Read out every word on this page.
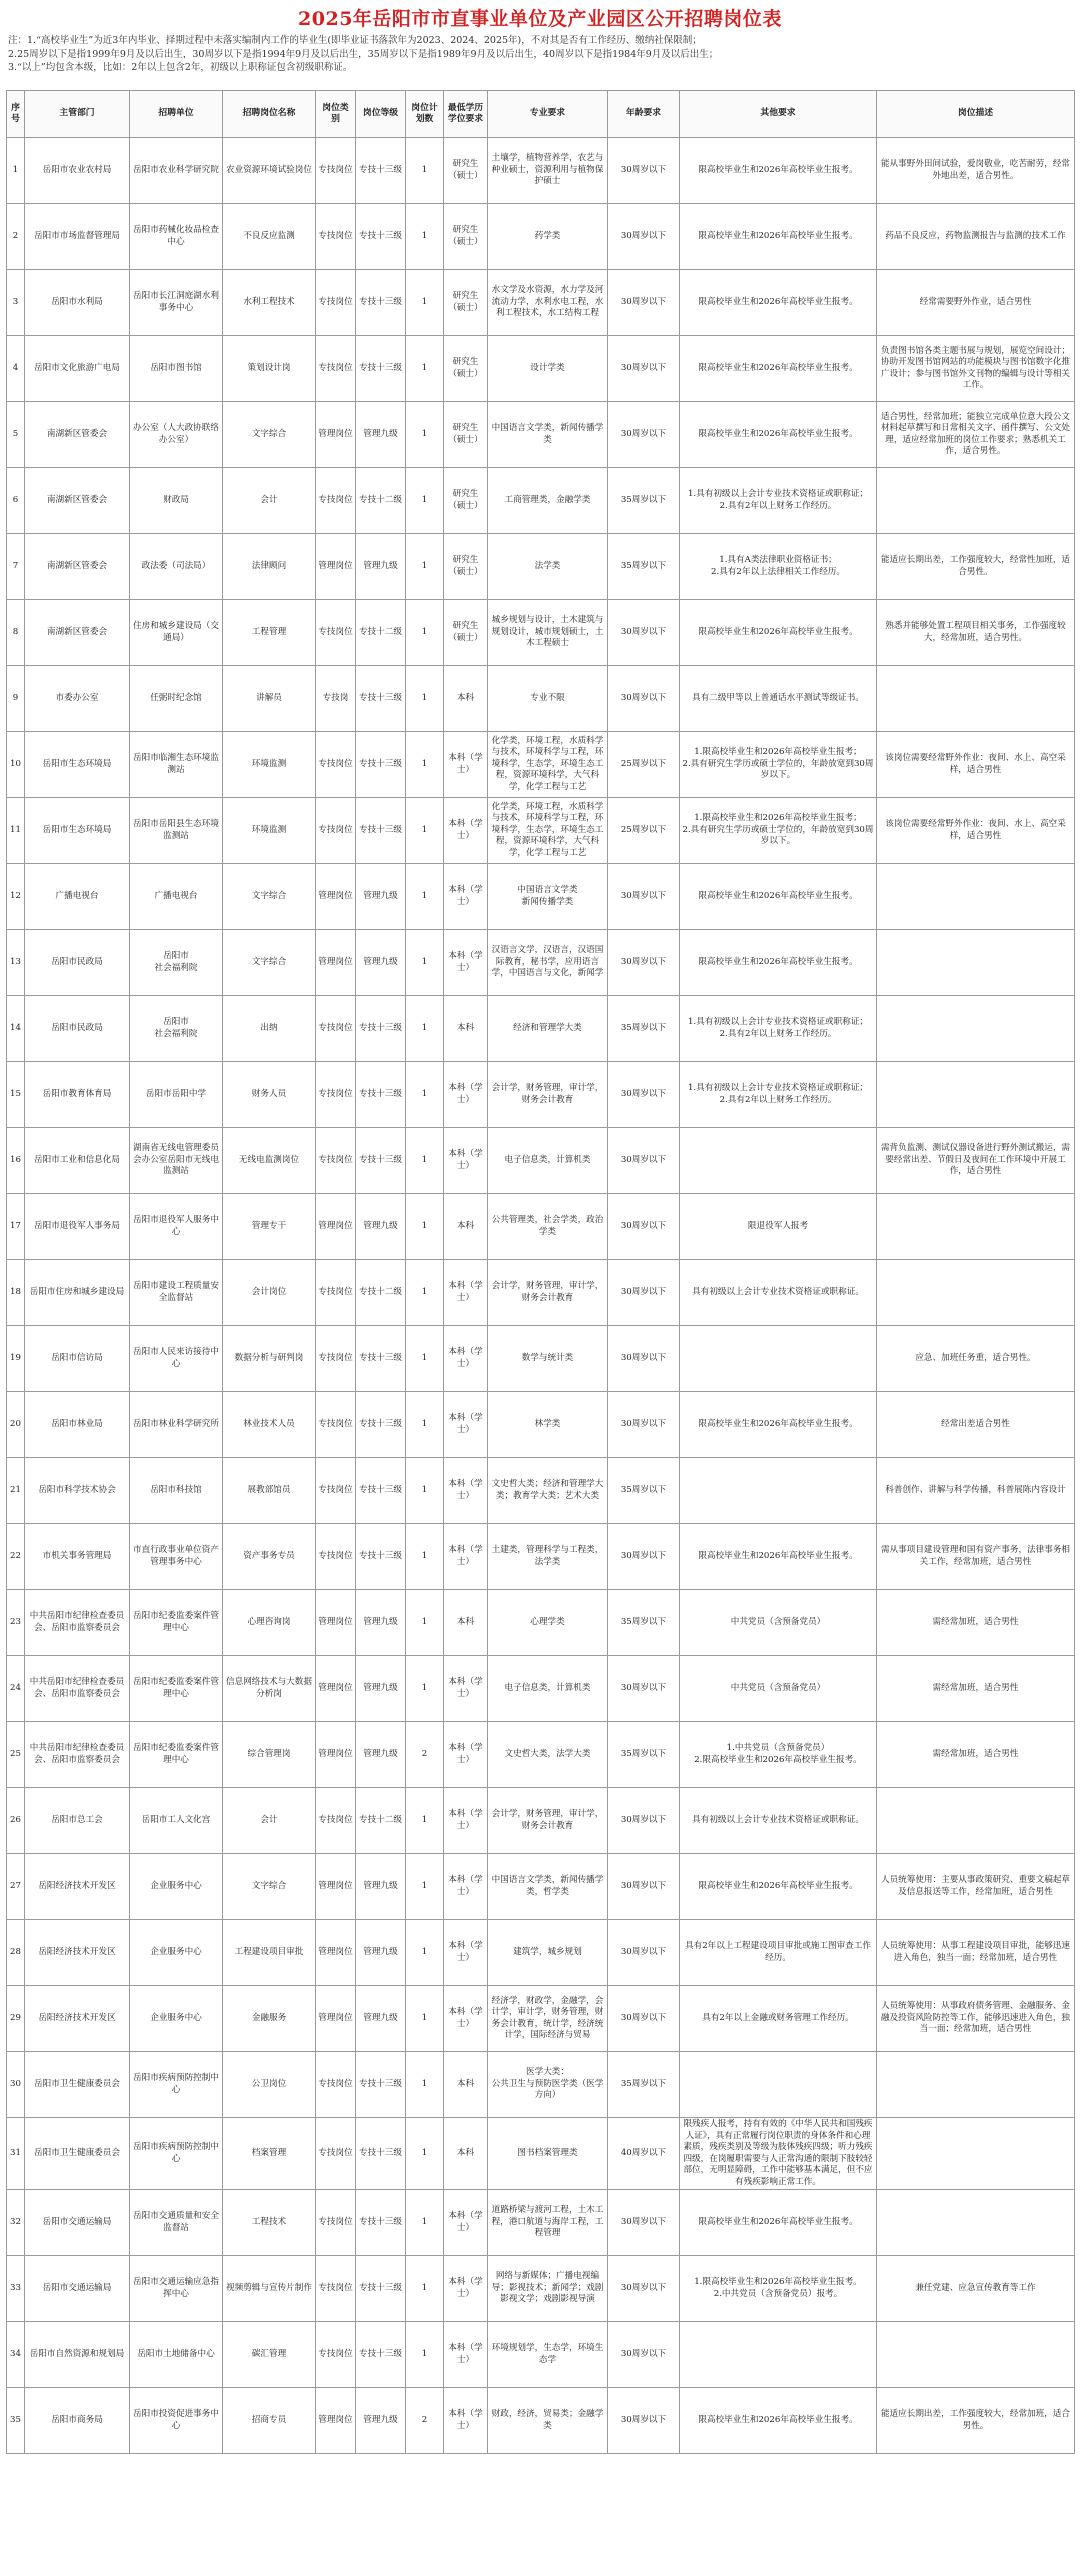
2025年岳阳市市直事业单位及产业园区公开招聘岗位表
注：1.“高校毕业生”为近3年内毕业、择期过程中未落实编制内工作的毕业生(即毕业证书落款年为2023、2024、2025年)，不对其是否有工作经历、缴纳社保限制；
2.25周岁以下是指1999年9月及以后出生，30周岁以下是指1994年9月及以后出生，35周岁以下是指1989年9月及以后出生，40周岁以下是指1984年9月及以后出生；
3.“以上”均包含本级，比如：2年以上包含2年，初级以上职称证包含初级职称证。
序号	主管部门	招聘单位	招聘岗位名称	岗位类别	岗位等级	岗位计划数	最低学历学位要求	专业要求	年龄要求	其他要求	岗位描述
1	岳阳市农业农村局	岳阳市农业科学研究院	农业资源环境试验岗位	专技岗位	专技十三级	1	研究生（硕士）	土壤学，植物营养学，农艺与种业硕士，资源利用与植物保护硕士	30周岁以下	限高校毕业生和2026年高校毕业生报考。	能从事野外田间试验，爱岗敬业，吃苦耐劳，经常外地出差，适合男性。
2	岳阳市市场监督管理局	岳阳市药械化妆品检查中心	不良反应监测	专技岗位	专技十三级	1	研究生（硕士）	药学类	30周岁以下	限高校毕业生和2026年高校毕业生报考。	药品不良反应，药物监测报告与监测的技术工作
3	岳阳市水利局	岳阳市长江洞庭湖水利事务中心	水利工程技术	专技岗位	专技十三级	1	研究生（硕士）	水文学及水资源，水力学及河流动力学，水利水电工程，水利工程技术，水工结构工程	30周岁以下	限高校毕业生和2026年高校毕业生报考。	经常需要野外作业，适合男性
4	岳阳市文化旅游广电局	岳阳市图书馆	策划设计岗	专技岗位	专技十三级	1	研究生（硕士）	设计学类	30周岁以下	限高校毕业生和2026年高校毕业生报考。	负责图书馆各类主题书展与规划，展览空间设计；协助开发图书馆网站的功能模块与图书馆数字化推广设计；参与图书馆外文刊物的编辑与设计等相关工作。
5	南湖新区管委会	办公室（人大政协联络办公室）	文字综合	管理岗位	管理九级	1	研究生（硕士）	中国语言文学类，新闻传播学类	30周岁以下	限高校毕业生和2026年高校毕业生报考。	适合男性，经常加班；能独立完成单位意大段公文材料起草撰写和日常相关文字、函件撰写、公文处理，适应经常加班的岗位工作要求；熟悉机关工作，适合男性。
6	南湖新区管委会	财政局	会计	专技岗位	专技十二级	1	研究生（硕士）	工商管理类，金融学类	35周岁以下	1.具有初级以上会计专业技术资格证或职称证；
2.具有2年以上财务工作经历。	
7	南湖新区管委会	政法委（司法局）	法律顾问	管理岗位	管理九级	1	研究生（硕士）	法学类	35周岁以下	1.具有A类法律职业资格证书；
2.具有2年以上法律相关工作经历。	能适应长期出差，工作强度较大，经常性加班，适合男性。
8	南湖新区管委会	住房和城乡建设局（交通局）	工程管理	专技岗位	专技十二级	1	研究生（硕士）	城乡规划与设计，土木建筑与规划设计，城市规划硕士，土木工程硕士	30周岁以下	限高校毕业生和2026年高校毕业生报考。	熟悉并能够处置工程项目相关事务，工作强度较大，经常加班，适合男性。
9	市委办公室	任弼时纪念馆	讲解员	专技岗	专技十三级	1	本科	专业不限	30周岁以下	具有二级甲等以上普通话水平测试等级证书。	
10	岳阳市生态环境局	岳阳市临湘生态环境监测站	环境监测	专技岗位	专技十三级	1	本科（学士）	化学类，环境工程，水质科学与技术，环境科学与工程，环境科学，生态学，环境生态工程，资源环境科学，大气科学，化学工程与工艺	25周岁以下	1.限高校毕业生和2026年高校毕业生报考；
2.具有研究生学历或硕士学位的，年龄放宽到30周岁以下。	该岗位需要经常野外作业：夜间、水上、高空采样，适合男性
11	岳阳市生态环境局	岳阳市岳阳县生态环境监测站	环境监测	专技岗位	专技十三级	1	本科（学士）	化学类，环境工程，水质科学与技术，环境科学与工程，环境科学，生态学，环境生态工程，资源环境科学，大气科学，化学工程与工艺	25周岁以下	1.限高校毕业生和2026年高校毕业生报考；
2.具有研究生学历或硕士学位的，年龄放宽到30周岁以下。	该岗位需要经常野外作业：夜间、水上、高空采样，适合男性
12	广播电视台	广播电视台	文字综合	管理岗位	管理九级	1	本科（学士）	中国语言文学类
新闻传播学类	30周岁以下	限高校毕业生和2026年高校毕业生报考。	
13	岳阳市民政局	岳阳市
社会福利院	文字综合	管理岗位	管理九级	1	本科（学士）	汉语言文学，汉语言，汉语国际教育，秘书学，应用语言学，中国语言与文化，新闻学	30周岁以下	限高校毕业生和2026年高校毕业生报考。	
14	岳阳市民政局	岳阳市
社会福利院	出纳	专技岗位	专技十三级	1	本科	经济和管理学大类	35周岁以下	1.具有初级以上会计专业技术资格证或职称证；
2.具有2年以上财务工作经历。	
15	岳阳市教育体育局	岳阳市岳阳中学	财务人员	专技岗位	专技十三级	1	本科（学士）	会计学，财务管理，审计学，财务会计教育	30周岁以下	1.具有初级以上会计专业技术资格证或职称证；
2.具有2年以上财务工作经历。	
16	岳阳市工业和信息化局	湖南省无线电管理委员会办公室岳阳市无线电监测站	无线电监测岗位	专技岗位	专技十三级	1	本科（学士）	电子信息类，计算机类	30周岁以下		需背负监测、测试仪器设备进行野外测试搬运，需要经常出差、节假日及夜间在工作环境中开展工作，适合男性
17	岳阳市退役军人事务局	岳阳市退役军人服务中心	管理专干	管理岗位	管理九级	1	本科	公共管理类，社会学类，政治学类	30周岁以下	限退役军人报考	
18	岳阳市住房和城乡建设局	岳阳市建设工程质量安全监督站	会计岗位	专技岗位	专技十二级	1	本科（学士）	会计学，财务管理，审计学，财务会计教育	30周岁以下	具有初级以上会计专业技术资格证或职称证。	
19	岳阳市信访局	岳阳市人民来访接待中心	数据分析与研判岗	专技岗位	专技十三级	1	本科（学士）	数学与统计类	30周岁以下		应急、加班任务重，适合男性。
20	岳阳市林业局	岳阳市林业科学研究所	林业技术人员	专技岗位	专技十三级	1	本科（学士）	林学类	30周岁以下	限高校毕业生和2026年高校毕业生报考。	经常出差适合男性
21	岳阳市科学技术协会	岳阳市科技馆	展教部馆员	专技岗位	专技十三级	1	本科（学士）	文史哲大类；经济和管理学大类；教育学大类；艺术大类	35周岁以下		科普创作、讲解与科学传播，科普展陈内容设计
22	市机关事务管理局	市直行政事业单位资产管理事务中心	资产事务专员	专技岗位	专技十三级	1	本科（学士）	土建类，管理科学与工程类，法学类	30周岁以下	限高校毕业生和2026年高校毕业生报考。	需从事项目建设管理和国有资产事务，法律事务相关工作，经常加班，适合男性
23	中共岳阳市纪律检查委员会、岳阳市监察委员会	岳阳市纪委监委案件管理中心	心理咨询岗	管理岗位	管理九级	1	本科	心理学类	35周岁以下	中共党员（含预备党员）	需经常加班，适合男性
24	中共岳阳市纪律检查委员会、岳阳市监察委员会	岳阳市纪委监委案件管理中心	信息网络技术与大数据分析岗	管理岗位	管理九级	1	本科（学士）	电子信息类，计算机类	30周岁以下	中共党员（含预备党员）	需经常加班，适合男性
25	中共岳阳市纪律检查委员会、岳阳市监察委员会	岳阳市纪委监委案件管理中心	综合管理岗	管理岗位	管理九级	2	本科（学士）	文史哲大类，法学大类	35周岁以下	1.中共党员（含预备党员）
2.限高校毕业生和2026年高校毕业生报考。	需经常加班，适合男性
26	岳阳市总工会	岳阳市工人文化宫	会计	专技岗位	专技十二级	1	本科（学士）	会计学，财务管理，审计学，财务会计教育	30周岁以下	具有初级以上会计专业技术资格证或职称证。	
27	岳阳经济技术开发区	企业服务中心	文字综合	管理岗位	管理九级	1	本科（学士）	中国语言文学类，新闻传播学类，哲学类	30周岁以下	限高校毕业生和2026年高校毕业生报考。	人员统筹使用：主要从事政策研究、重要文稿起草及信息报送等工作，经常加班，适合男性
28	岳阳经济技术开发区	企业服务中心	工程建设项目审批	管理岗位	管理九级	1	本科（学士）	建筑学，城乡规划	30周岁以下	具有2年以上工程建设项目审批或施工图审查工作经历。	人员统筹使用：从事工程建设项目审批，能够迅速进入角色，独当一面；经常加班，适合男性
29	岳阳经济技术开发区	企业服务中心	金融服务	管理岗位	管理九级	1	本科（学士）	经济学，财政学，金融学，会计学，审计学，财务管理，财务会计教育，统计学，经济统计学，国际经济与贸易	30周岁以下	具有2年以上金融或财务管理工作经历。	人员统筹使用：从事政府债务管理、金融服务、金融及投资风险防控等工作，能够迅速进入角色，独当一面；经常加班，适合男性
30	岳阳市卫生健康委员会	岳阳市疾病预防控制中心	公卫岗位	专技岗位	专技十三级	1	本科	医学大类：
公共卫生与预防医学类（医学方向）	35周岁以下		
31	岳阳市卫生健康委员会	岳阳市疾病预防控制中心	档案管理	专技岗位	专技十三级	1	本科	图书档案管理类	40周岁以下	限残疾人报考，持有有效的《中华人民共和国残疾人证》，具有正常履行岗位职责的身体条件和心理素质，残疾类别及等级为肢体残疾四级；听力残疾四级，在岗履职需要与人正常沟通的限制下肢较轻部位，无明显障碍，工作中能够基本满足，但不应有残疾影响正常工作。	
32	岳阳市交通运输局	岳阳市交通质量和安全监督站	工程技术	专技岗位	专技十三级	1	本科（学士）	道路桥梁与渡河工程，土木工程，港口航道与海岸工程，工程管理	30周岁以下	限高校毕业生和2026年高校毕业生报考。	
33	岳阳市交通运输局	岳阳市交通运输应急指挥中心	视频剪辑与宣传片制作	专技岗位	专技十三级	1	本科（学士）	网络与新媒体；广播电视编导；影视技术；新闻学；戏剧影视文学；戏剧影视导演	30周岁以下	1.限高校毕业生和2026年高校毕业生报考。
2.中共党员（含预备党员）报考。	兼任党建、应急宣传教育等工作
34	岳阳市自然资源和规划局	岳阳市土地储备中心	碳汇管理	专技岗位	专技十三级	1	本科（学士）	环境规划学，生态学，环境生态学	30周岁以下		
35	岳阳市商务局	岳阳市投资促进事务中心	招商专员	管理岗位	管理九级	2	本科（学士）	财政，经济，贸易类；金融学类	30周岁以下	限高校毕业生和2026年高校毕业生报考。	能适应长期出差，工作强度较大，经常加班，适合男性。
